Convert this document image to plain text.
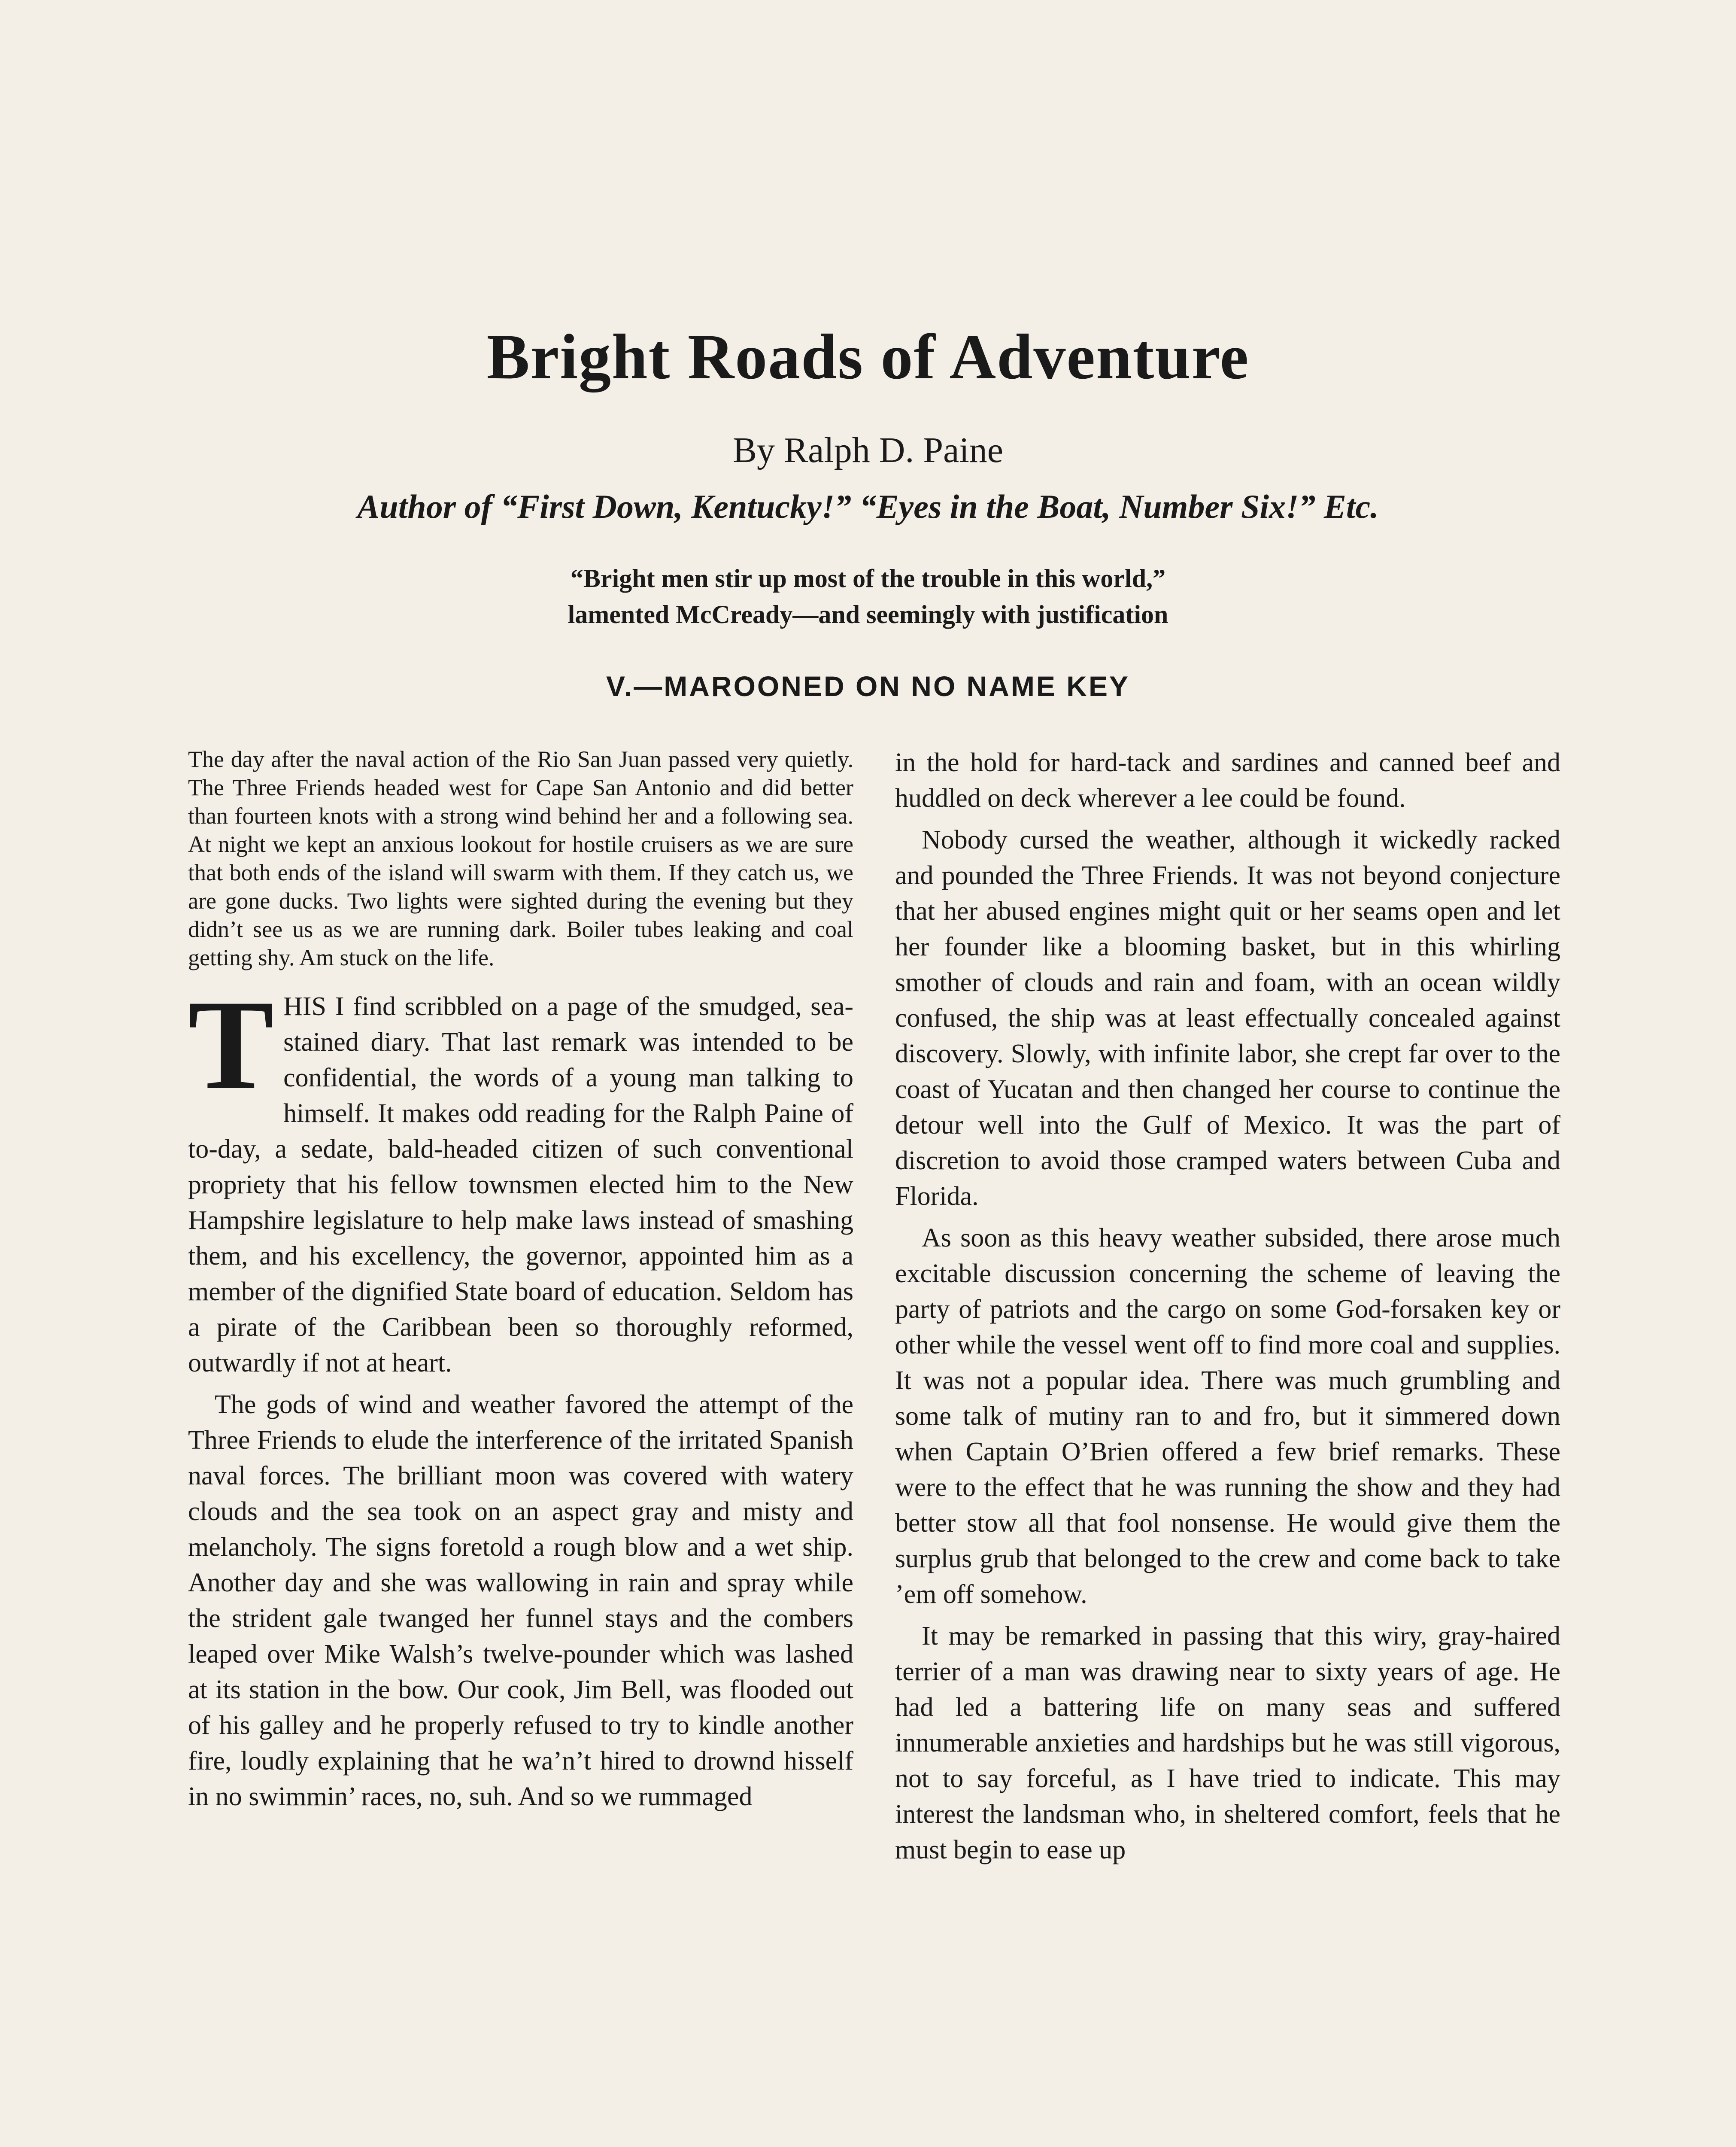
Bright Roads of Adventure
By Ralph D. Paine
Author of “First Down, Kentucky!” “Eyes in the Boat, Number Six!” Etc.
“Bright men stir up most of the trouble in this world,”
lamented McCready—and seemingly with justification
V.—MAROONED ON NO NAME KEY

The day after the naval action of the Rio San Juan passed very quietly. The Three Friends headed west for Cape San Antonio and did better than fourteen knots with a strong wind behind her and a following sea. At night we kept an anxious lookout for hostile cruisers as we are sure that both ends of the island will swarm with them. If they catch us, we are gone ducks. Two lights were sighted during the evening but they didn’t see us as we are running dark. Boiler tubes leaking and coal getting shy. Am stuck on the life.

THIS I find scribbled on a page of the smudged, sea-stained diary. That last remark was intended to be confidential, the words of a young man talking to himself. It makes odd reading for the Ralph Paine of to-day, a sedate, bald-headed citizen of such conventional propriety that his fellow townsmen elected him to the New Hampshire legislature to help make laws instead of smashing them, and his excellency, the governor, appointed him as a member of the dignified State board of education. Seldom has a pirate of the Caribbean been so thoroughly reformed, outwardly if not at heart.

The gods of wind and weather favored the attempt of the Three Friends to elude the interference of the irritated Spanish naval forces. The brilliant moon was covered with watery clouds and the sea took on an aspect gray and misty and melancholy. The signs foretold a rough blow and a wet ship. Another day and she was wallowing in rain and spray while the strident gale twanged her funnel stays and the combers leaped over Mike Walsh’s twelve-pounder which was lashed at its station in the bow. Our cook, Jim Bell, was flooded out of his galley and he properly refused to try to kindle another fire, loudly explaining that he wa’n’t hired to drownd hisself in no swimmin’ races, no, suh. And so we rummaged

in the hold for hard-tack and sardines and canned beef and huddled on deck wherever a lee could be found.

Nobody cursed the weather, although it wickedly racked and pounded the Three Friends. It was not beyond conjecture that her abused engines might quit or her seams open and let her founder like a blooming basket, but in this whirling smother of clouds and rain and foam, with an ocean wildly confused, the ship was at least effectually concealed against discovery. Slowly, with infinite labor, she crept far over to the coast of Yucatan and then changed her course to continue the detour well into the Gulf of Mexico. It was the part of discretion to avoid those cramped waters between Cuba and Florida.

As soon as this heavy weather subsided, there arose much excitable discussion concerning the scheme of leaving the party of patriots and the cargo on some God-forsaken key or other while the vessel went off to find more coal and supplies. It was not a popular idea. There was much grumbling and some talk of mutiny ran to and fro, but it simmered down when Captain O’Brien offered a few brief remarks. These were to the effect that he was running the show and they had better stow all that fool nonsense. He would give them the surplus grub that belonged to the crew and come back to take ’em off somehow.

It may be remarked in passing that this wiry, gray-haired terrier of a man was drawing near to sixty years of age. He had led a battering life on many seas and suffered innumerable anxieties and hardships but he was still vigorous, not to say forceful, as I have tried to indicate. This may interest the landsman who, in sheltered comfort, feels that he must begin to ease up
